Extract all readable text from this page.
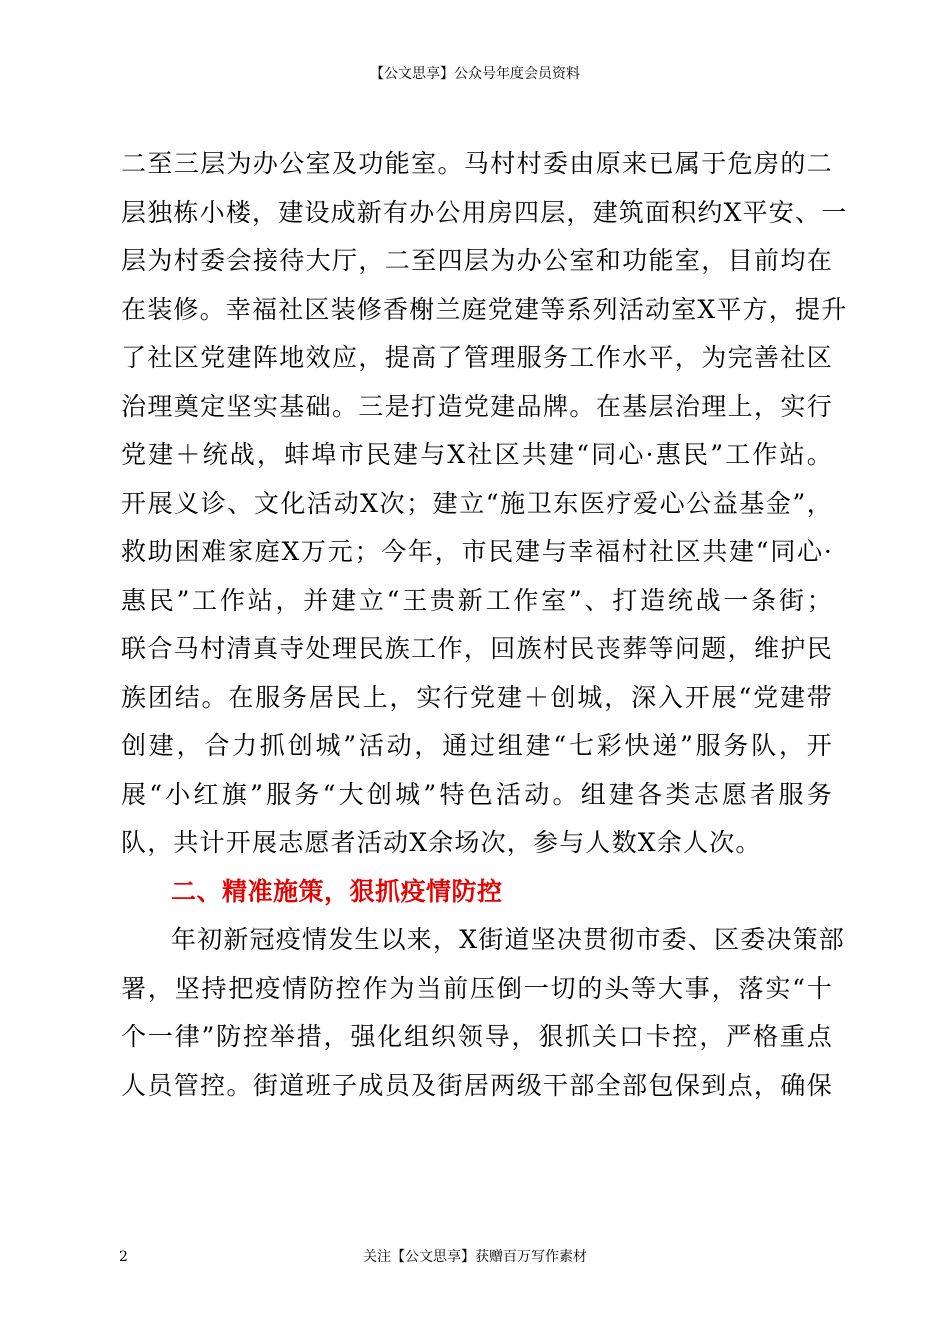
【公文思享】公众号年度会员资料
二至三层为办公室及功能室。马村村委由原来已属于危房的二
层独栋小楼，建设成新有办公用房四层，建筑面积约X平安、一
层为村委会接待大厅，二至四层为办公室和功能室，目前均在
在装修。幸福社区装修香榭兰庭党建等系列活动室X平方，提升
了社区党建阵地效应，提高了管理服务工作水平，为完善社区
治理奠定坚实基础。三是打造党建品牌。在基层治理上，实行
党建＋统战，蚌埠市民建与X社区共建“同心·惠民”工作站。
开展义诊、文化活动X次；建立“施卫东医疗爱心公益基金”，
救助困难家庭X万元；今年，市民建与幸福村社区共建“同心·
惠民”工作站，并建立“王贵新工作室”、打造统战一条街；
联合马村清真寺处理民族工作，回族村民丧葬等问题，维护民
族团结。在服务居民上，实行党建＋创城，深入开展“党建带
创建，合力抓创城”活动，通过组建“七彩快递”服务队，开
展“小红旗”服务“大创城”特色活动。组建各类志愿者服务
队，共计开展志愿者活动X余场次，参与人数X余人次。
二、精准施策，狠抓疫情防控
年初新冠疫情发生以来，X街道坚决贯彻市委、区委决策部
署，坚持把疫情防控作为当前压倒一切的头等大事，落实“十
个一律”防控举措，强化组织领导，狠抓关口卡控，严格重点
人员管控。街道班子成员及街居两级干部全部包保到点，确保
2	关注【公文思享】获赠百万写作素材
